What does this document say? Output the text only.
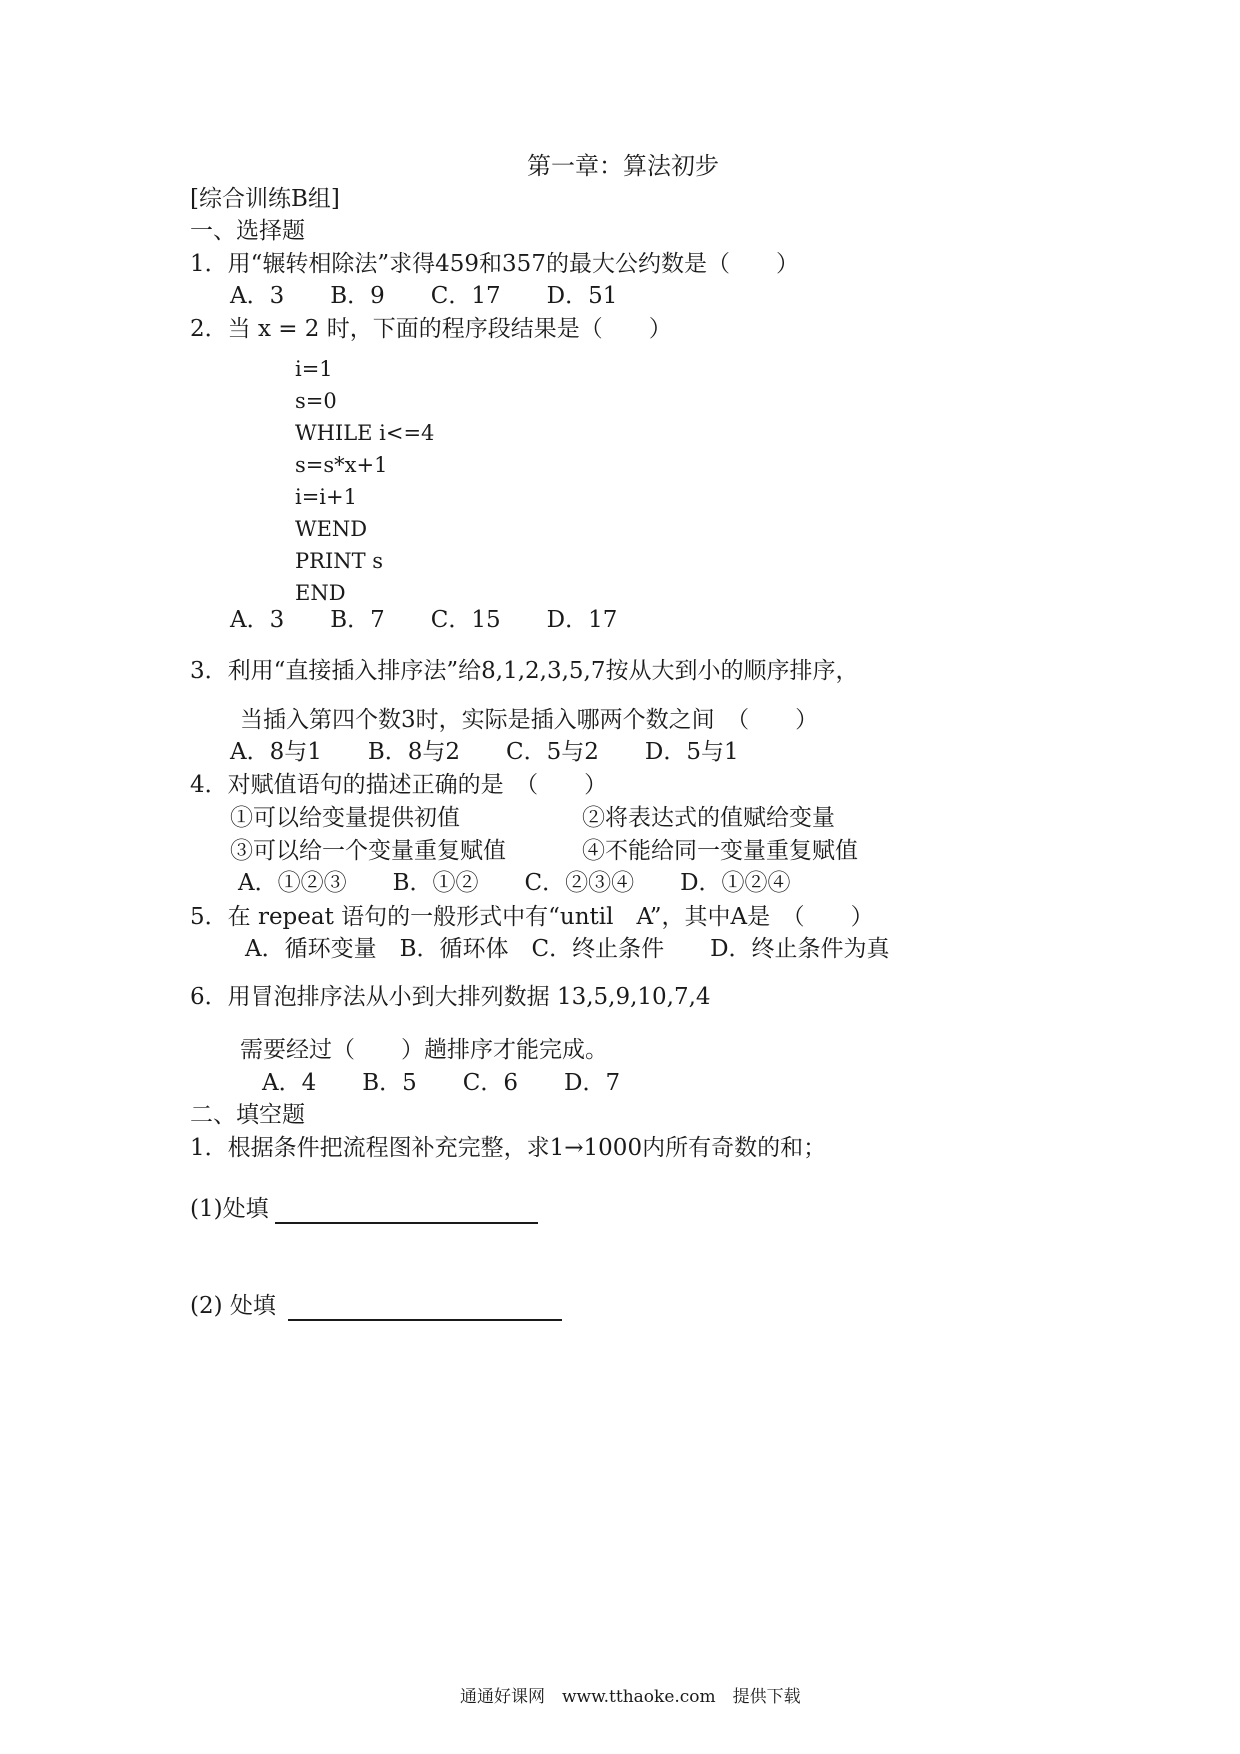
第一章：算法初步
[综合训练B组]
一、选择题
1．用“辗转相除法”求得459和357的最大公约数是（　　）
A．3　　B．9　　C．17　　D．51
2．当 x = 2 时，下面的程序段结果是（　　）
i=1
s=0
WHILE i<=4
s=s*x+1
i=i+1
WEND
PRINT s
END
A．3　　B．7　　C．15　　D．17
3．利用“直接插入排序法”给8,1,2,3,5,7按从大到小的顺序排序，
当插入第四个数3时，实际是插入哪两个数之间　（　　）
A．8与1　　B．8与2　　C．5与2　　D．5与1
4．对赋值语句的描述正确的是　（　　）
①可以给变量提供初值	②将表达式的值赋给变量
③可以给一个变量重复赋值	④不能给同一变量重复赋值
A．①②③　　B．①②　　C．②③④　　D．①②④
5．在 repeat 语句的一般形式中有“until　A”，其中A是　（　　）
A．循环变量　B．循环体　C．终止条件　　D．终止条件为真
6．用冒泡排序法从小到大排列数据 13,5,9,10,7,4
需要经过（　　）趟排序才能完成。
A．4　　B．5　　C．6　　D．7
二、填空题
1．根据条件把流程图补充完整，求1→1000内所有奇数的和；
(1)处填
(2) 处填
通通好课网　www.tthaoke.com　提供下载
